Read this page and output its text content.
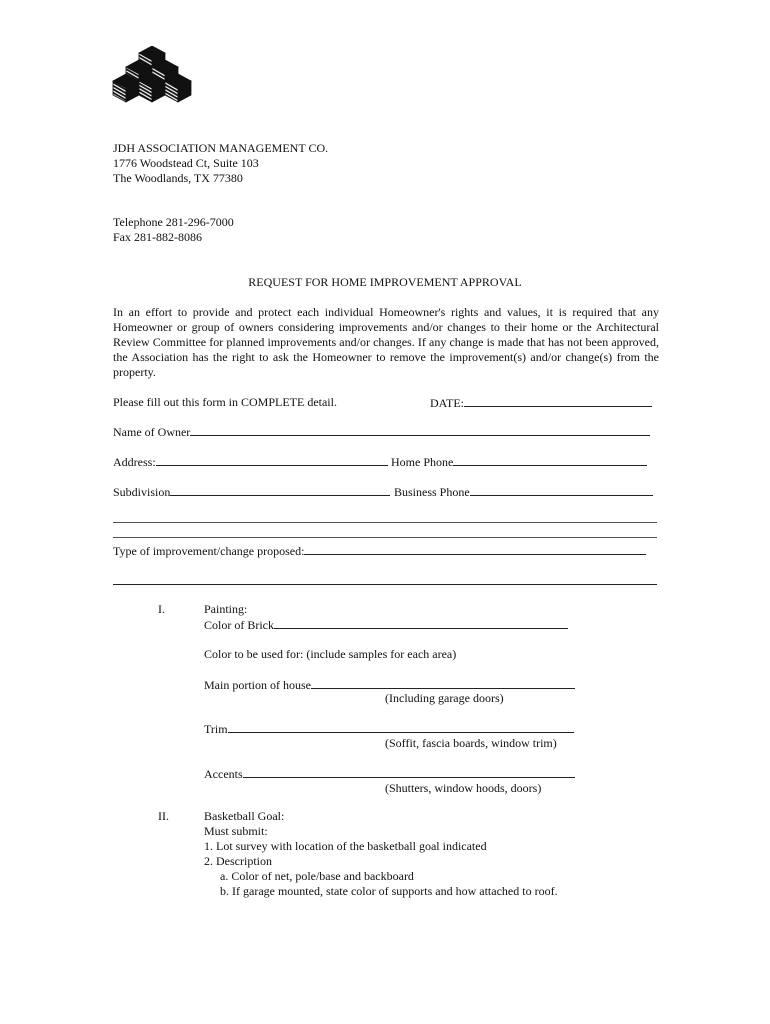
JDH ASSOCIATION MANAGEMENT CO.
1776 Woodstead Ct, Suite 103
The Woodlands, TX 77380
Telephone 281-296-7000
Fax 281-882-8086
REQUEST FOR HOME IMPROVEMENT APPROVAL
In an effort to provide and protect each individual Homeowner's rights and values, it is required that any Homeowner or group of owners considering improvements and/or changes to their home or the Architectural Review Committee for planned improvements and/or changes. If any change is made that has not been approved, the Association has the right to ask the Homeowner to remove the improvement(s) and/or change(s) from the property.
Please fill out this form in COMPLETE detail.	DATE:
Name of Owner
Address:	Home Phone
Subdivision	Business Phone
Type of improvement/change proposed:
I.	Painting:
Color of Brick
Color to be used for: (include samples for each area)
Main portion of house
(Including garage doors)
Trim
(Soffit, fascia boards, window trim)
Accents
(Shutters, window hoods, doors)
II.	Basketball Goal:
Must submit:
1. Lot survey with location of the basketball goal indicated
2. Description
a. Color of net, pole/base and backboard
b. If garage mounted, state color of supports and how attached to roof.
